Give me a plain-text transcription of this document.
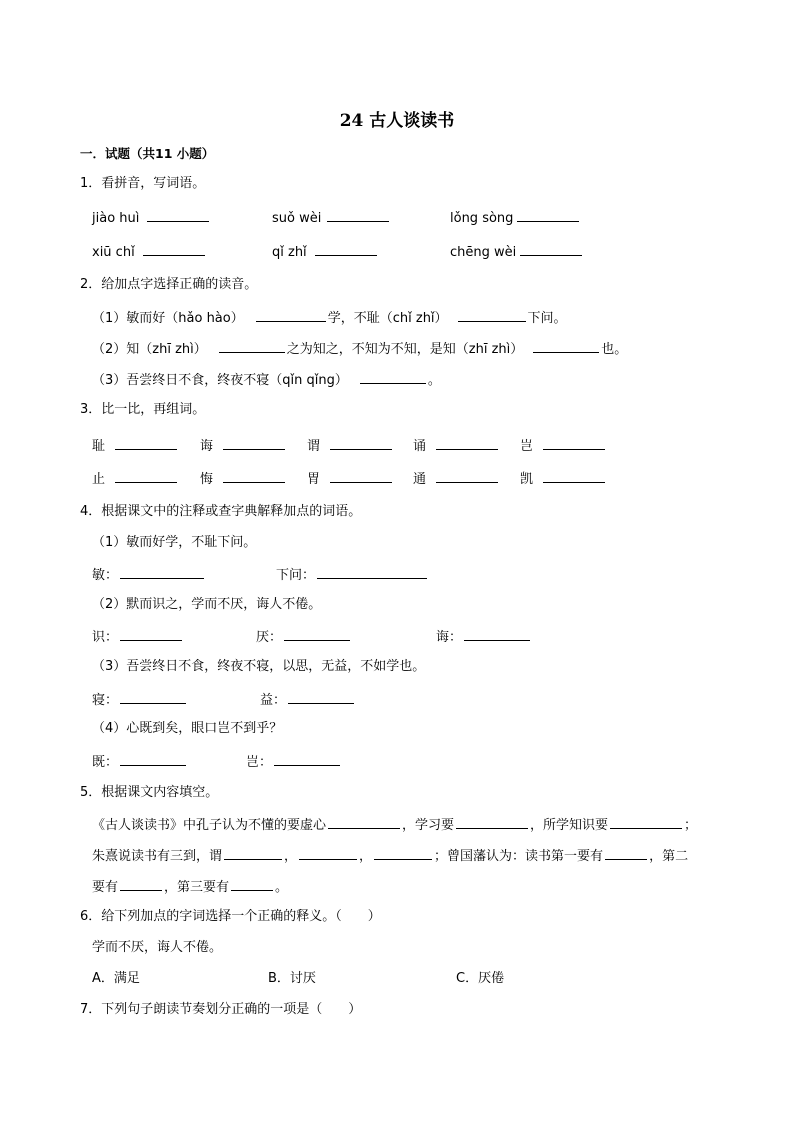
24 古人谈读书
一．试题（共11 小题）
1．看拼音，写词语。
jiào huì	suǒ wèi	lǒng sòng
xiū chǐ	qǐ zhǐ	chēng wèi
2．给加点字选择正确的读音。
（1）敏而好（hǎo hào）	学，不耻（chǐ zhǐ）	下问。
（2）知（zhī zhì）	之为知之，不知为不知，是知（zhī zhì）	也。
（3）吾尝终日不食，终夜不寝（qǐn qǐng）	。
3．比一比，再组词。
耻	诲	谓	诵	岂
止	悔	胃	通	凯
4．根据课文中的注释或查字典解释加点的词语。
（1）敏而好学，不耻下问。
敏：	下问：
（2）默而识之，学而不厌，诲人不倦。
识：	厌：	诲：
（3）吾尝终日不食，终夜不寝，以思，无益，不如学也。
寝：	益：
（4）心既到矣，眼口岂不到乎？
既：	岂：
5．根据课文内容填空。
《古人谈读书》中孔子认为不懂的要虚心	，学习要	，所学知识要	；
朱熹说读书有三到，谓	，	，	；曾国藩认为：读书第一要有	，第二
要有	，第三要有	。
6．给下列加点的字词选择一个正确的释义。（　　）
学而不厌，诲人不倦。
A．满足	B．讨厌	C．厌倦
7．下列句子朗读节奏划分正确的一项是（　　）
